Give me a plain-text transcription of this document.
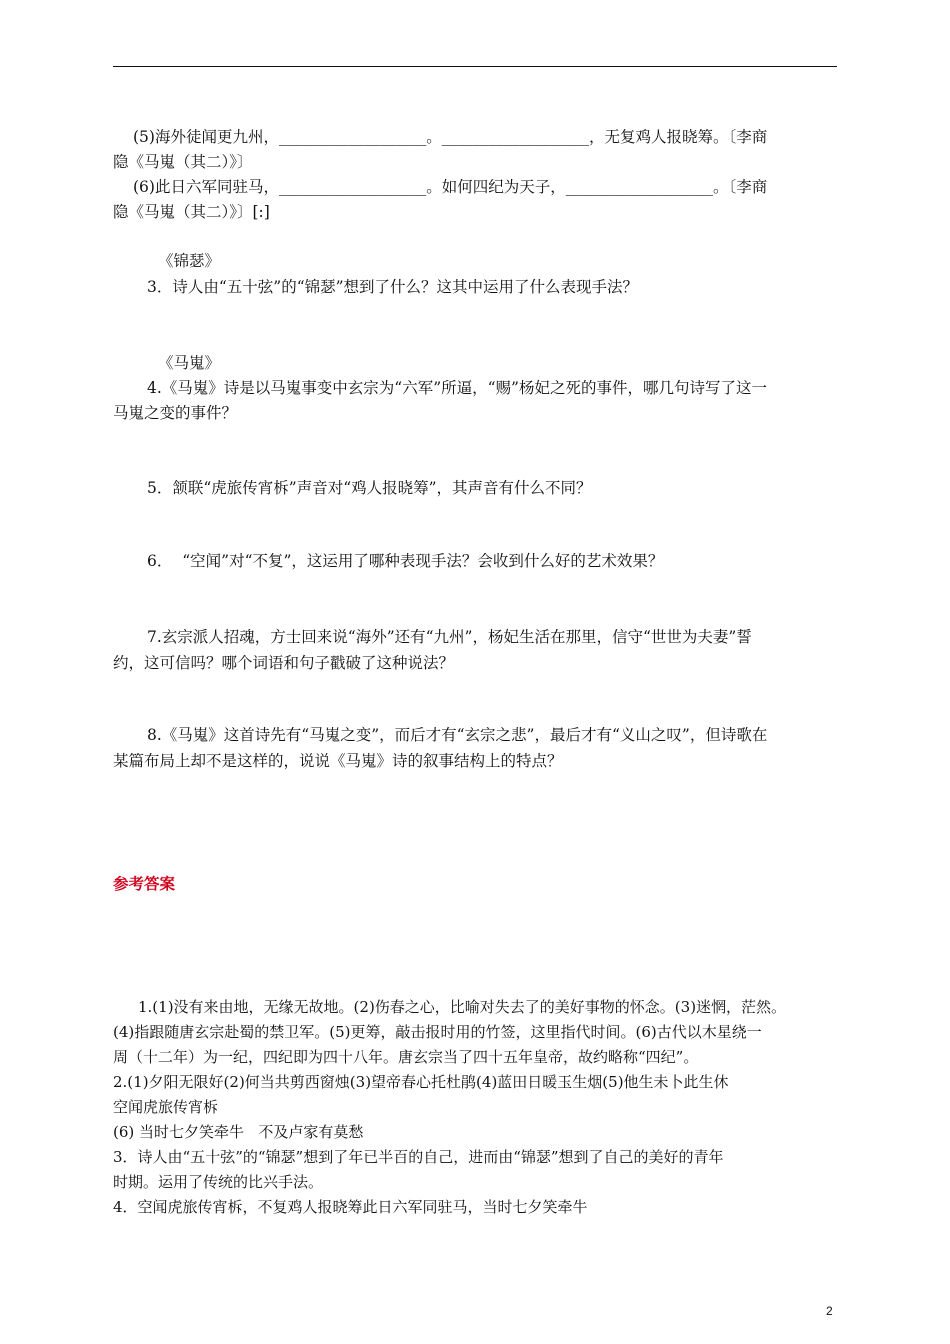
(5)海外徒闻更九州，___________________。___________________，无复鸡人报晓筹。〔李商
隐《马嵬（其二）》〕
(6)此日六军同驻马，___________________。如何四纪为天子，___________________。〔李商
隐《马嵬（其二）》〕[:]
《锦瑟》
3．诗人由“五十弦”的“锦瑟”想到了什么？这其中运用了什么表现手法？
《马嵬》
4.《马嵬》诗是以马嵬事变中玄宗为“六军”所逼，“赐”杨妃之死的事件，哪几句诗写了这一
马嵬之变的事件？
5．颔联“虎旅传宵柝”声音对“鸡人报晓筹”，其声音有什么不同？
6．  “空闻”对“不复”，这运用了哪种表现手法？会收到什么好的艺术效果？
7.玄宗派人招魂，方士回来说“海外”还有“九州”，杨妃生活在那里，信守“世世为夫妻”誓
约，这可信吗？哪个词语和句子戳破了这种说法？
8.《马嵬》这首诗先有“马嵬之变”，而后才有“玄宗之悲”，最后才有“义山之叹”，但诗歌在
某篇布局上却不是这样的，说说《马嵬》诗的叙事结构上的特点？
参考答案
1.(1)没有来由地，无缘无故地。(2)伤春之心，比喻对失去了的美好事物的怀念。(3)迷惘，茫然。
(4)指跟随唐玄宗赴蜀的禁卫军。(5)更筹，敲击报时用的竹签，这里指代时间。(6)古代以木星绕一
周（十二年）为一纪，四纪即为四十八年。唐玄宗当了四十五年皇帝，故约略称“四纪”。
2.(1)夕阳无限好(2)何当共剪西窗烛(3)望帝春心托杜鹃(4)蓝田日暖玉生烟(5)他生未卜此生休
空闻虎旅传宵柝
(6) 当时七夕笑牵牛   不及卢家有莫愁
3．诗人由“五十弦”的“锦瑟”想到了年已半百的自己，进而由“锦瑟”想到了自己的美好的青年
时期。运用了传统的比兴手法。
4．空闻虎旅传宵柝，不复鸡人报晓筹此日六军同驻马，当时七夕笑牵牛
2
